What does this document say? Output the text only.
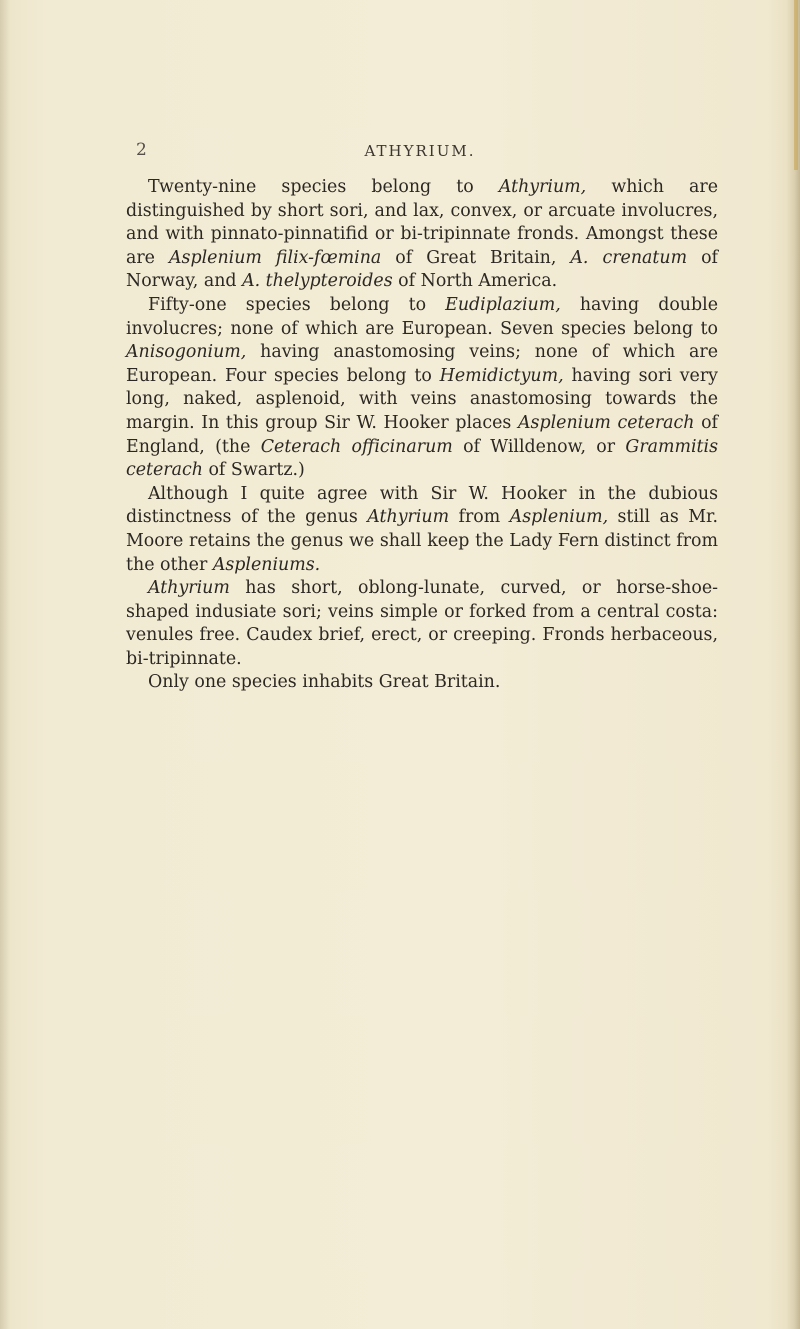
2	ATHYRIUM.

Twenty-nine species belong to Athyrium, which are distinguished by short sori, and lax, convex, or arcuate involucres, and with pinnato-pinnatifid or bi-tripinnate fronds. Amongst these are Asplenium filix-fœmina of Great Britain, A. crenatum of Norway, and A. thelypteroides of North America.

Fifty-one species belong to Eudiplazium, having double involucres; none of which are European. Seven species belong to Anisogonium, having anastomosing veins; none of which are European. Four species belong to Hemidictyum, having sori very long, naked, asplenoid, with veins anastomosing towards the margin. In this group Sir W. Hooker places Asplenium ceterach of England, (the Ceterach officinarum of Willdenow, or Grammitis ceterach of Swartz.)

Although I quite agree with Sir W. Hooker in the dubious distinctness of the genus Athyrium from Asplenium, still as Mr. Moore retains the genus we shall keep the Lady Fern distinct from the other Aspleniums.

Athyrium has short, oblong-lunate, curved, or horse-shoe-shaped indusiate sori; veins simple or forked from a central costa: venules free. Caudex brief, erect, or creeping. Fronds herbaceous, bi-tripinnate.

Only one species inhabits Great Britain.
